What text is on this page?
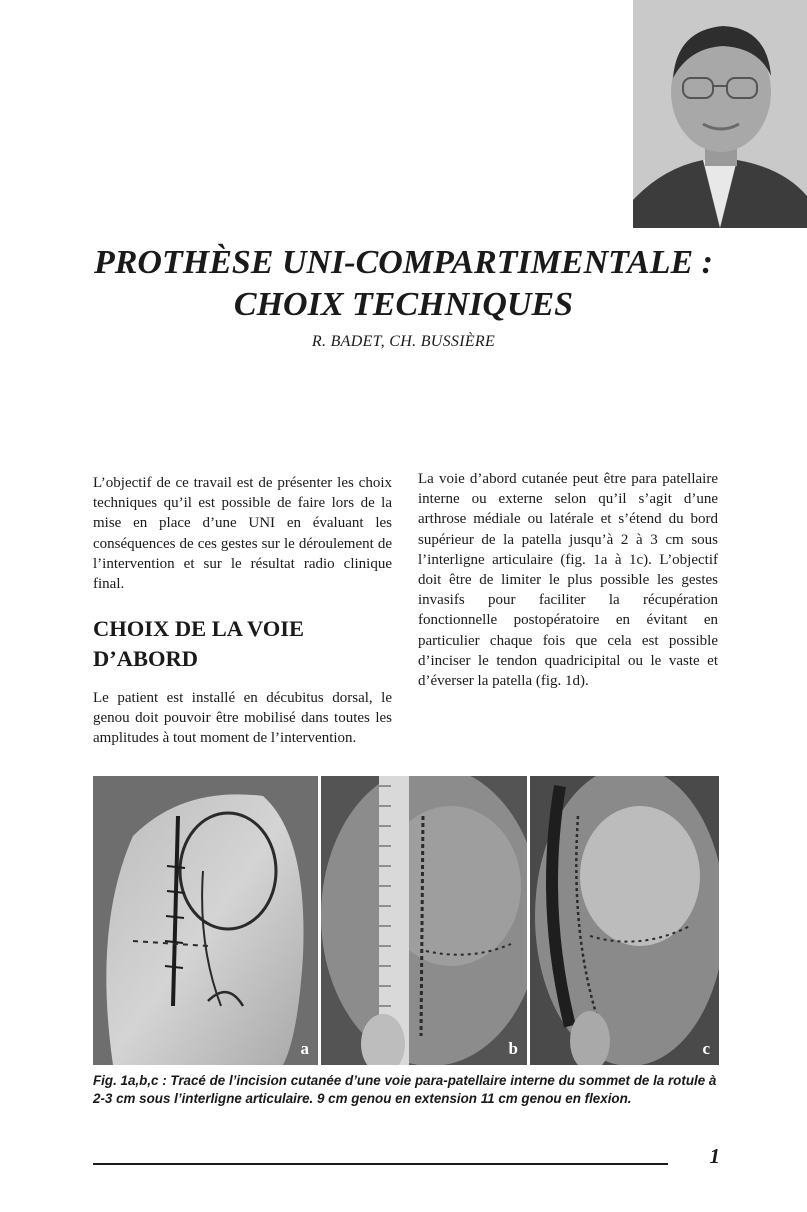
PROTHÈSE UNI-COMPARTIMENTALE :
CHOIX TECHNIQUES
R. BADET, CH. BUSSIÈRE

L’objectif de ce travail est de présenter les choix techniques qu’il est possible de faire lors de la mise en place d’une UNI en évaluant les conséquences de ces gestes sur le déroulement de l’intervention et sur le résultat radio clinique final.

CHOIX DE LA VOIE
D’ABORD

Le patient est installé en décubitus dorsal, le genou doit pouvoir être mobilisé dans toutes les amplitudes à tout moment de l’intervention.

La voie d’abord cutanée peut être para patellaire interne ou externe selon qu’il s’agit d’une arthrose médiale ou latérale et s’étend du bord supérieur de la patella jusqu’à 2 à 3 cm sous l’interligne articulaire (fig. 1a à 1c). L’objectif doit être de limiter le plus possible les gestes invasifs pour faciliter la récupération fonctionnelle postopératoire en évitant en particulier chaque fois que cela est possible d’inciser le tendon quadricipital ou le vaste et d’éverser la patella (fig. 1d).

a	b	c

Fig. 1a,b,c : Tracé de l’incision cutanée d’une voie para-patellaire interne du sommet de la rotule à 2-3 cm sous l’interligne articulaire. 9 cm genou en extension 11 cm genou en flexion.

1
